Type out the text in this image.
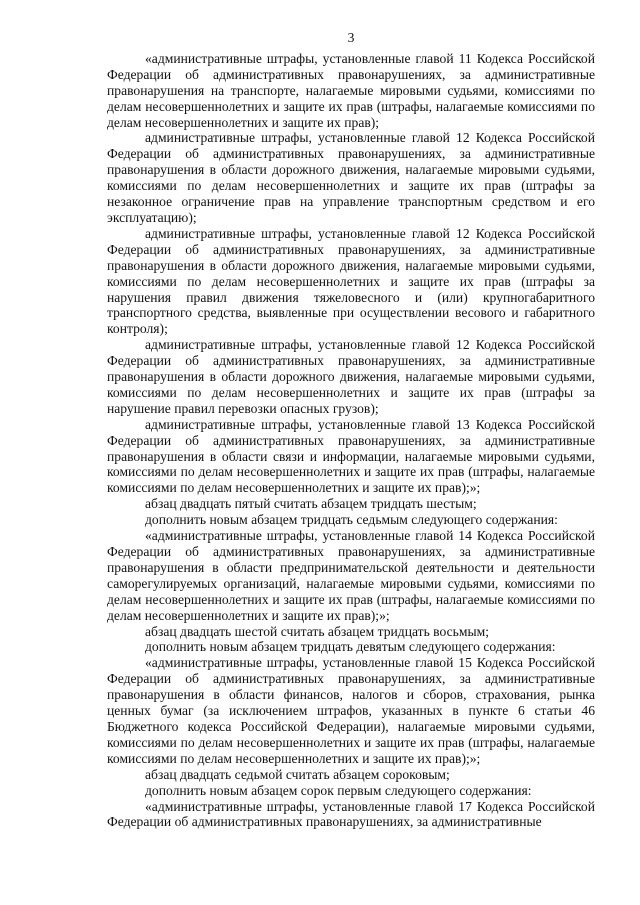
3

«административные штрафы, установленные главой 11 Кодекса Российской Федерации об административных правонарушениях, за административные правонарушения на транспорте, налагаемые мировыми судьями, комиссиями по делам несовершеннолетних и защите их прав (штрафы, налагаемые комиссиями по делам несовершеннолетних и защите их прав);

административные штрафы, установленные главой 12 Кодекса Российской Федерации об административных правонарушениях, за административные правонарушения в области дорожного движения, налагаемые мировыми судьями, комиссиями по делам несовершеннолетних и защите их прав (штрафы за незаконное ограничение прав на управление транспортным средством и его эксплуатацию);

административные штрафы, установленные главой 12 Кодекса Российской Федерации об административных правонарушениях, за административные правонарушения в области дорожного движения, налагаемые мировыми судьями, комиссиями по делам несовершеннолетних и защите их прав (штрафы за нарушения правил движения тяжеловесного и (или) крупногабаритного транспортного средства, выявленные при осуществлении весового и габаритного контроля);

административные штрафы, установленные главой 12 Кодекса Российской Федерации об административных правонарушениях, за административные правонарушения в области дорожного движения, налагаемые мировыми судьями, комиссиями по делам несовершеннолетних и защите их прав (штрафы за нарушение правил перевозки опасных грузов);

административные штрафы, установленные главой 13 Кодекса Российской Федерации об административных правонарушениях, за административные правонарушения в области связи и информации, налагаемые мировыми судьями, комиссиями по делам несовершеннолетних и защите их прав (штрафы, налагаемые комиссиями по делам несовершеннолетних и защите их прав);»;

абзац двадцать пятый считать абзацем тридцать шестым;

дополнить новым абзацем тридцать седьмым следующего содержания:

«административные штрафы, установленные главой 14 Кодекса Российской Федерации об административных правонарушениях, за административные правонарушения в области предпринимательской деятельности и деятельности саморегулируемых организаций, налагаемые мировыми судьями, комиссиями по делам несовершеннолетних и защите их прав (штрафы, налагаемые комиссиями по делам несовершеннолетних и защите их прав);»;

абзац двадцать шестой считать абзацем тридцать восьмым;

дополнить новым абзацем тридцать девятым следующего содержания:

«административные штрафы, установленные главой 15 Кодекса Российской Федерации об административных правонарушениях, за административные правонарушения в области финансов, налогов и сборов, страхования, рынка ценных бумаг (за исключением штрафов, указанных в пункте 6 статьи 46 Бюджетного кодекса Российской Федерации), налагаемые мировыми судьями, комиссиями по делам несовершеннолетних и защите их прав (штрафы, налагаемые комиссиями по делам несовершеннолетних и защите их прав);»;

абзац двадцать седьмой считать абзацем сороковым;

дополнить новым абзацем сорок первым следующего содержания:

«административные штрафы, установленные главой 17 Кодекса Российской Федерации об административных правонарушениях, за административные
